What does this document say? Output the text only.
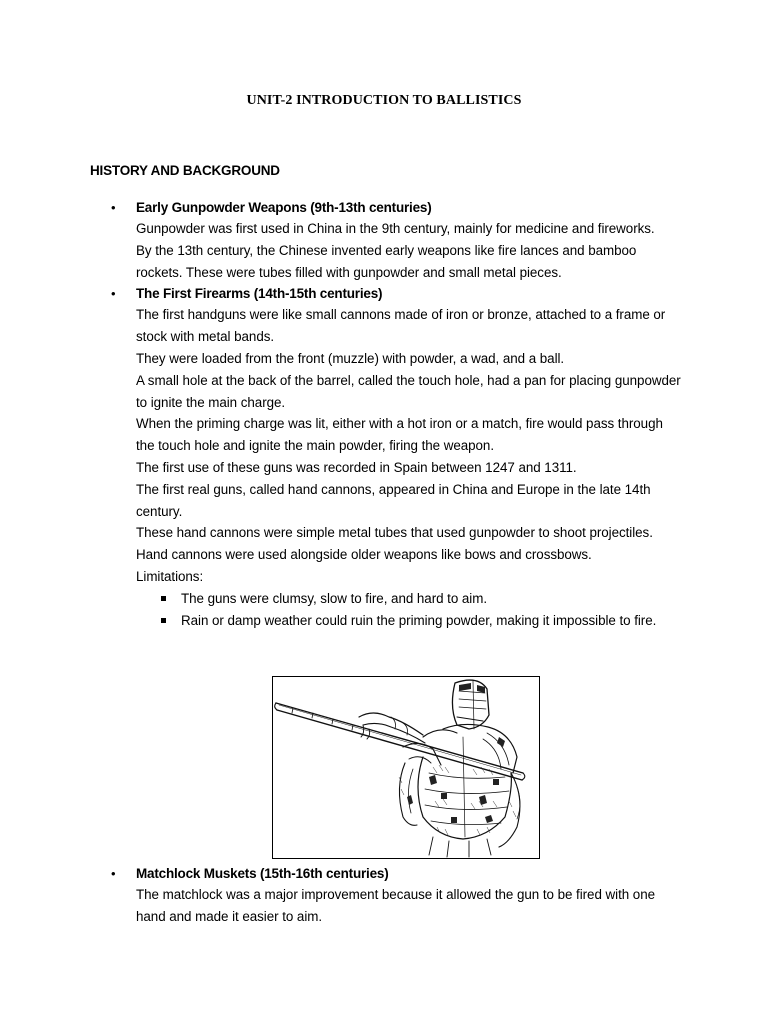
UNIT-2 INTRODUCTION TO BALLISTICS
HISTORY AND BACKGROUND
• Early Gunpowder Weapons (9th-13th centuries)
Gunpowder was first used in China in the 9th century, mainly for medicine and fireworks.
By the 13th century, the Chinese invented early weapons like fire lances and bamboo rockets. These were tubes filled with gunpowder and small metal pieces.
• The First Firearms (14th-15th centuries)
The first handguns were like small cannons made of iron or bronze, attached to a frame or stock with metal bands.
They were loaded from the front (muzzle) with powder, a wad, and a ball.
A small hole at the back of the barrel, called the touch hole, had a pan for placing gunpowder to ignite the main charge.
When the priming charge was lit, either with a hot iron or a match, fire would pass through the touch hole and ignite the main powder, firing the weapon.
The first use of these guns was recorded in Spain between 1247 and 1311.
The first real guns, called hand cannons, appeared in China and Europe in the late 14th century.
These hand cannons were simple metal tubes that used gunpowder to shoot projectiles.
Hand cannons were used alongside older weapons like bows and crossbows.
Limitations:
The guns were clumsy, slow to fire, and hard to aim.
Rain or damp weather could ruin the priming powder, making it impossible to fire.
• Matchlock Muskets (15th-16th centuries)
The matchlock was a major improvement because it allowed the gun to be fired with one hand and made it easier to aim.
